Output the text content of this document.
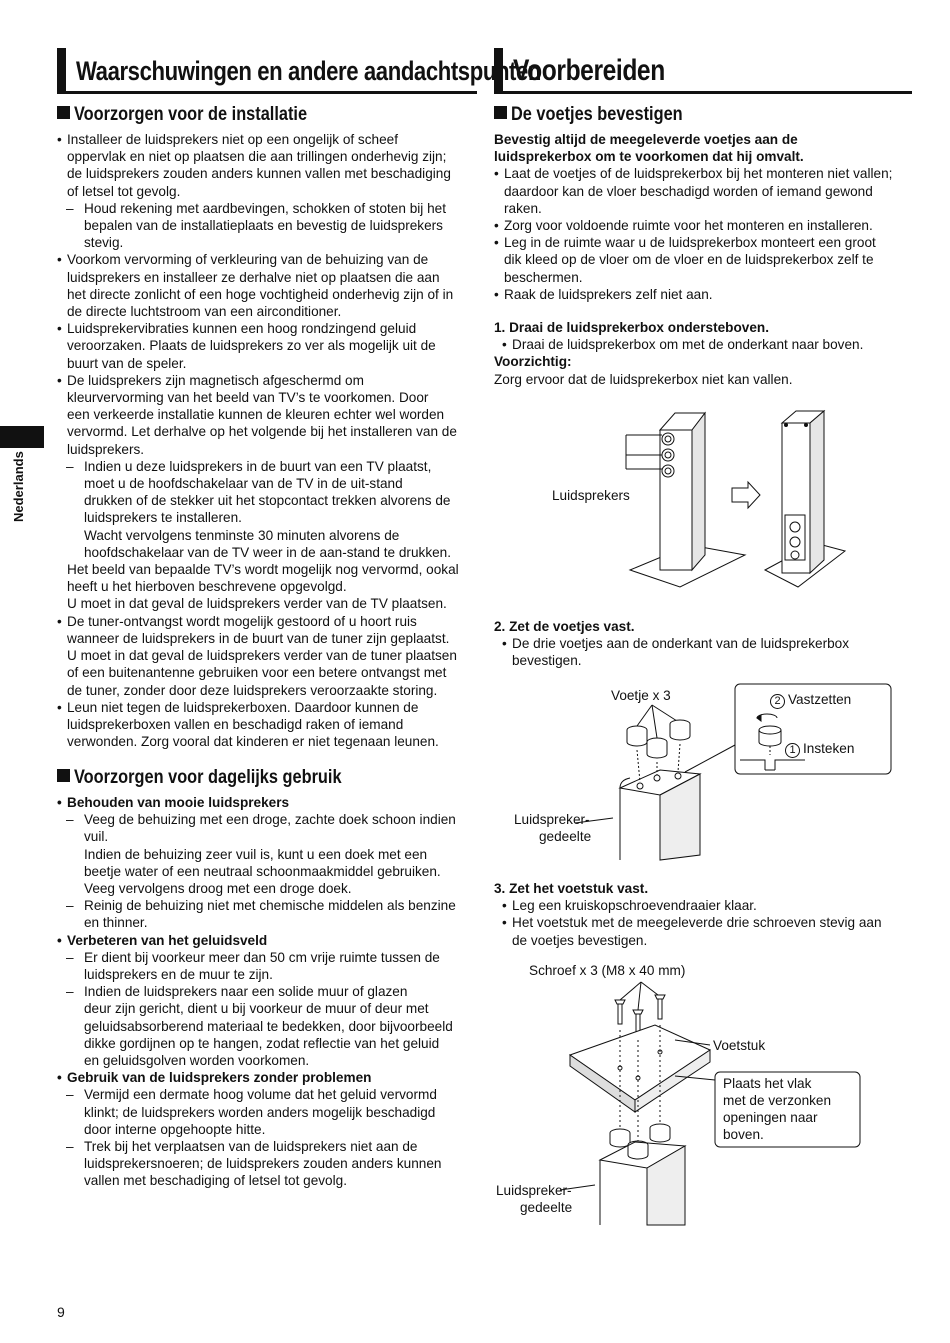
Waarschuwingen en andere aandachtspunten
Voorzorgen voor de installatie
• Installeer de luidsprekers niet op een ongelijk of scheef
oppervlak en niet op plaatsen die aan trillingen onderhevig zijn;
de luidsprekers zouden anders kunnen vallen met beschadiging
of letsel tot gevolg.
– Houd rekening met aardbevingen, schokken of stoten bij het
bepalen van de installatieplaats en bevestig de luidsprekers
stevig.
• Voorkom vervorming of verkleuring van de behuizing van de
luidsprekers en installeer ze derhalve niet op plaatsen die aan
het directe zonlicht of een hoge vochtigheid onderhevig zijn of in
de directe luchtstroom van een airconditioner.
• Luidsprekervibraties kunnen een hoog rondzingend geluid
veroorzaken. Plaats de luidsprekers zo ver als mogelijk uit de
buurt van de speler.
• De luidsprekers zijn magnetisch afgeschermd om
kleurvervorming van het beeld van TV’s te voorkomen. Door
een verkeerde installatie kunnen de kleuren echter wel worden
vervormd. Let derhalve op het volgende bij het installeren van de
luidsprekers.
– Indien u deze luidsprekers in de buurt van een TV plaatst,
moet u de hoofdschakelaar van de TV in de uit-stand
drukken of de stekker uit het stopcontact trekken alvorens de
luidsprekers te installeren.
Wacht vervolgens tenminste 30 minuten alvorens de
hoofdschakelaar van de TV weer in de aan-stand te drukken.
Het beeld van bepaalde TV’s wordt mogelijk nog vervormd, ookal
heeft u het hierboven beschrevene opgevolgd.
U moet in dat geval de luidsprekers verder van de TV plaatsen.
• De tuner-ontvangst wordt mogelijk gestoord of u hoort ruis
wanneer de luidsprekers in de buurt van de tuner zijn geplaatst.
U moet in dat geval de luidsprekers verder van de tuner plaatsen
of een buitenantenne gebruiken voor een betere ontvangst met
de tuner, zonder door deze luidsprekers veroorzaakte storing.
• Leun niet tegen de luidsprekerboxen. Daardoor kunnen de
luidsprekerboxen vallen en beschadigd raken of iemand
verwonden. Zorg vooral dat kinderen er niet tegenaan leunen.
Voorzorgen voor dagelijks gebruik
• Behouden van mooie luidsprekers
– Veeg de behuizing met een droge, zachte doek schoon indien
vuil.
Indien de behuizing zeer vuil is, kunt u een doek met een
beetje water of een neutraal schoonmaakmiddel gebruiken.
Veeg vervolgens droog met een droge doek.
– Reinig de behuizing niet met chemische middelen als benzine
en thinner.
• Verbeteren van het geluidsveld
– Er dient bij voorkeur meer dan 50 cm vrije ruimte tussen de
luidsprekers en de muur te zijn.
– Indien de luidsprekers naar een solide muur of glazen
deur zijn gericht, dient u bij voorkeur de muur of deur met
geluidsabsorberend materiaal te bedekken, door bijvoorbeeld
dikke gordijnen op te hangen, zodat reflectie van het geluid
en geluidsgolven worden voorkomen.
• Gebruik van de luidsprekers zonder problemen
– Vermijd een dermate hoog volume dat het geluid vervormd
klinkt; de luidsprekers worden anders mogelijk beschadigd
door interne opgehoopte hitte.
– Trek bij het verplaatsen van de luidsprekers niet aan de
luidsprekersnoeren; de luidsprekers zouden anders kunnen
vallen met beschadiging of letsel tot gevolg.
Nederlands
9
Voorbereiden
De voetjes bevestigen
Bevestig altijd de meegeleverde voetjes aan de
luidsprekerbox om te voorkomen dat hij omvalt.
• Laat de voetjes of de luidsprekerbox bij het monteren niet vallen;
daardoor kan de vloer beschadigd worden of iemand gewond
raken.
• Zorg voor voldoende ruimte voor het monteren en installeren.
• Leg in de ruimte waar u de luidsprekerbox monteert een groot
dik kleed op de vloer om de vloer en de luidsprekerbox zelf te
beschermen.
• Raak de luidsprekers zelf niet aan.
1. Draai de luidsprekerbox ondersteboven.
• Draai de luidsprekerbox om met de onderkant naar boven.
Voorzichtig:
Zorg ervoor dat de luidsprekerbox niet kan vallen.
Luidsprekers
2. Zet de voetjes vast.
• De drie voetjes aan de onderkant van de luidsprekerbox
bevestigen.
Voetje x 3
Luidspreker-
gedeelte
2 Vastzetten
1 Insteken
3. Zet het voetstuk vast.
• Leg een kruiskopschroevendraaier klaar.
• Het voetstuk met de meegeleverde drie schroeven stevig aan
de voetjes bevestigen.
Schroef x 3 (M8 x 40 mm)
Voetstuk
Luidspreker-
gedeelte
Plaats het vlak
met de verzonken
openingen naar
boven.
